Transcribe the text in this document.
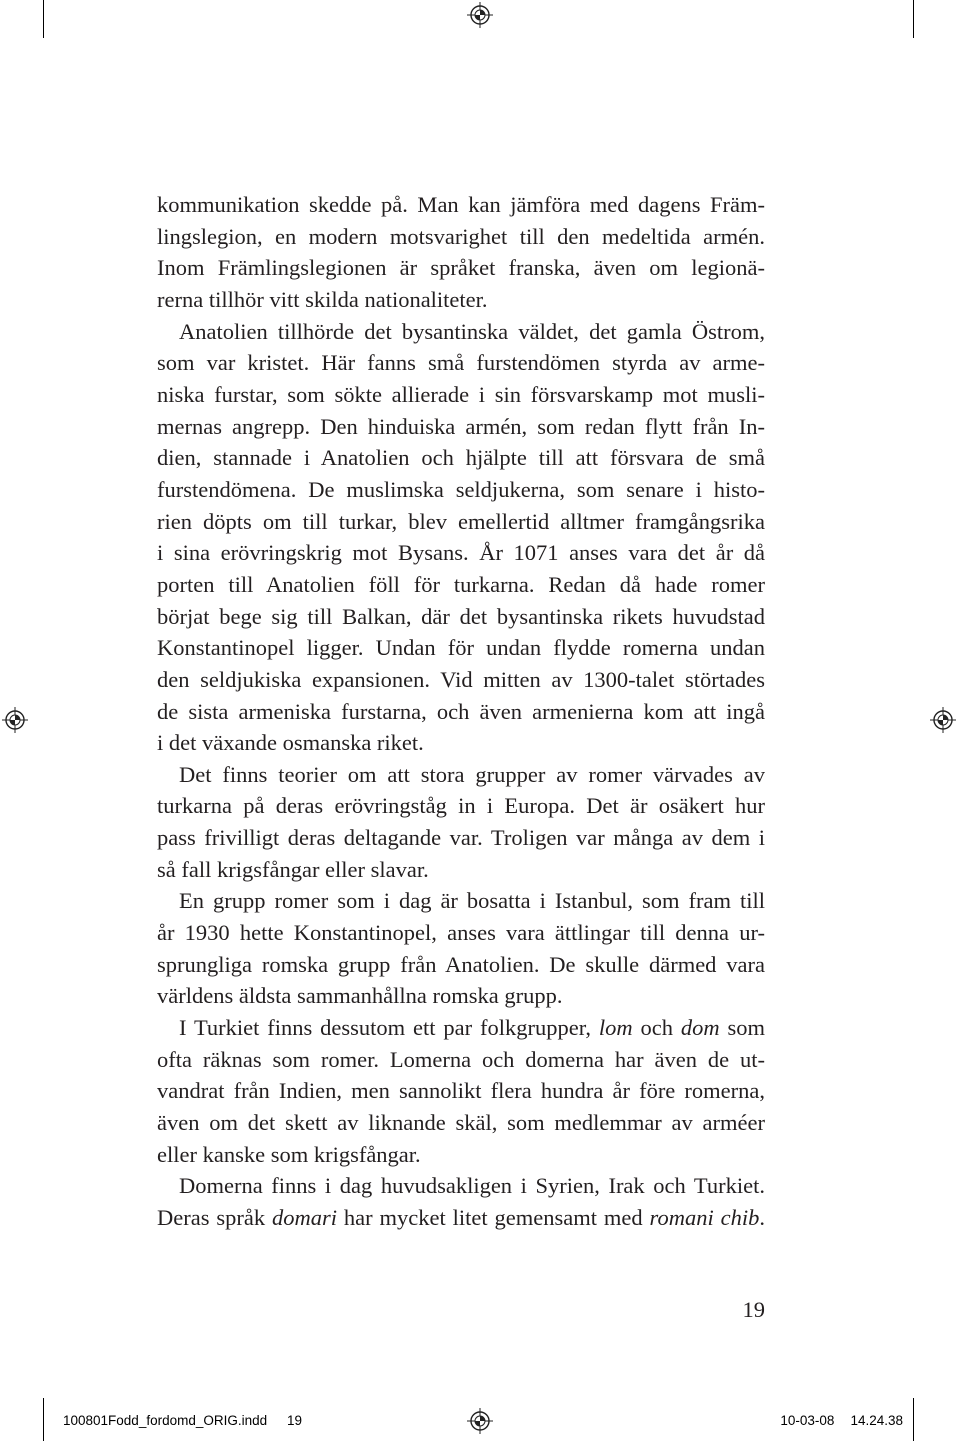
kommunikation skedde på. Man kan jämföra med dagens Främ-
lingslegion, en modern motsvarighet till den medeltida armén.
Inom Främlingslegionen är språket franska, även om legionä-
rerna tillhör vitt skilda nationaliteter.
Anatolien tillhörde det bysantinska väldet, det gamla Östrom,
som var kristet. Här fanns små furstendömen styrda av arme-
niska furstar, som sökte allierade i sin försvarskamp mot musli-
mernas angrepp. Den hinduiska armén, som redan flytt från In-
dien, stannade i Anatolien och hjälpte till att försvara de små
furstendömena. De muslimska seldjukerna, som senare i histo-
rien döpts om till turkar, blev emellertid alltmer framgångsrika
i sina erövringskrig mot Bysans. År 1071 anses vara det år då
porten till Anatolien föll för turkarna. Redan då hade romer
börjat bege sig till Balkan, där det bysantinska rikets huvudstad
Konstantinopel ligger. Undan för undan flydde romerna undan
den seldjukiska expansionen. Vid mitten av 1300-talet störtades
de sista armeniska furstarna, och även armenierna kom att ingå
i det växande osmanska riket.
Det finns teorier om att stora grupper av romer värvades av
turkarna på deras erövringståg in i Europa. Det är osäkert hur
pass frivilligt deras deltagande var. Troligen var många av dem i
så fall krigsfångar eller slavar.
En grupp romer som i dag är bosatta i Istanbul, som fram till
år 1930 hette Konstantinopel, anses vara ättlingar till denna ur-
sprungliga romska grupp från Anatolien. De skulle därmed vara
världens äldsta sammanhållna romska grupp.
I Turkiet finns dessutom ett par folkgrupper, lom och dom som
ofta räknas som romer. Lomerna och domerna har även de ut-
vandrat från Indien, men sannolikt flera hundra år före romerna,
även om det skett av liknande skäl, som medlemmar av arméer
eller kanske som krigsfångar.
Domerna finns i dag huvudsakligen i Syrien, Irak och Turkiet.
Deras språk domari har mycket litet gemensamt med romani chib.
19
100801Fodd_fordomd_ORIG.indd 19	10-03-08 14.24.38
